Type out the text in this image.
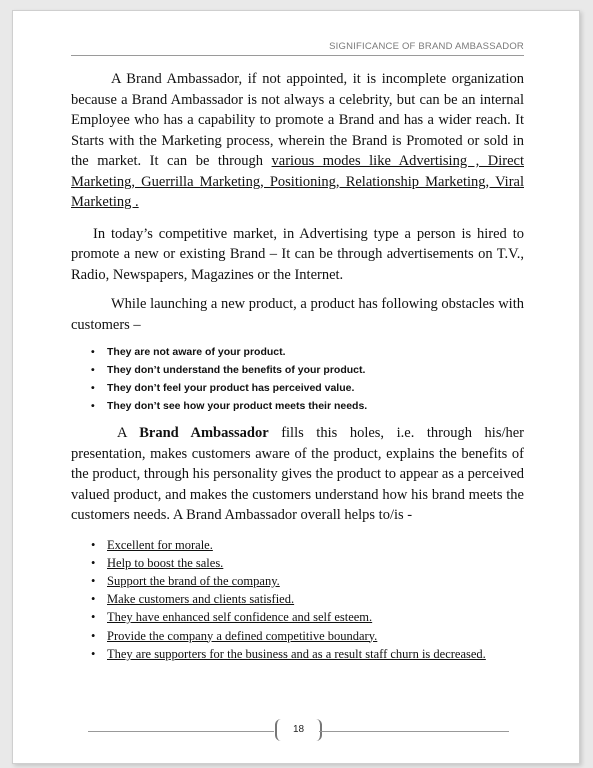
SIGNIFICANCE OF BRAND AMBASSADOR

A Brand Ambassador, if not appointed, it is incomplete organization because a Brand Ambassador is not always a celebrity, but can be an internal Employee who has a capability to promote a Brand and has a wider reach. It Starts with the Marketing process, wherein the Brand is Promoted or sold in the market. It can be through various modes like Advertising , Direct Marketing, Guerrilla Marketing, Positioning, Relationship Marketing, Viral Marketing .

In today’s competitive market, in Advertising type a person is hired to promote a new or existing Brand – It can be through advertisements on T.V., Radio, Newspapers, Magazines or the Internet.

While launching a new product, a product has following obstacles with customers –

• They are not aware of your product.
• They don’t understand the benefits of your product.
• They don’t feel your product has perceived value.
• They don’t see how your product meets their needs.

A Brand Ambassador fills this holes, i.e. through his/her presentation, makes customers aware of the product, explains the benefits of the product, through his personality gives the product to appear as a perceived valued product, and makes the customers understand how his brand meets the customers needs. A Brand Ambassador overall helps to/is -

• Excellent for morale.
• Help to boost the sales.
• Support the brand of the company.
• Make customers and clients satisfied.
• They have enhanced self confidence and self esteem.
• Provide the company a defined competitive boundary.
• They are supporters for the business and as a result staff churn is decreased.
18
